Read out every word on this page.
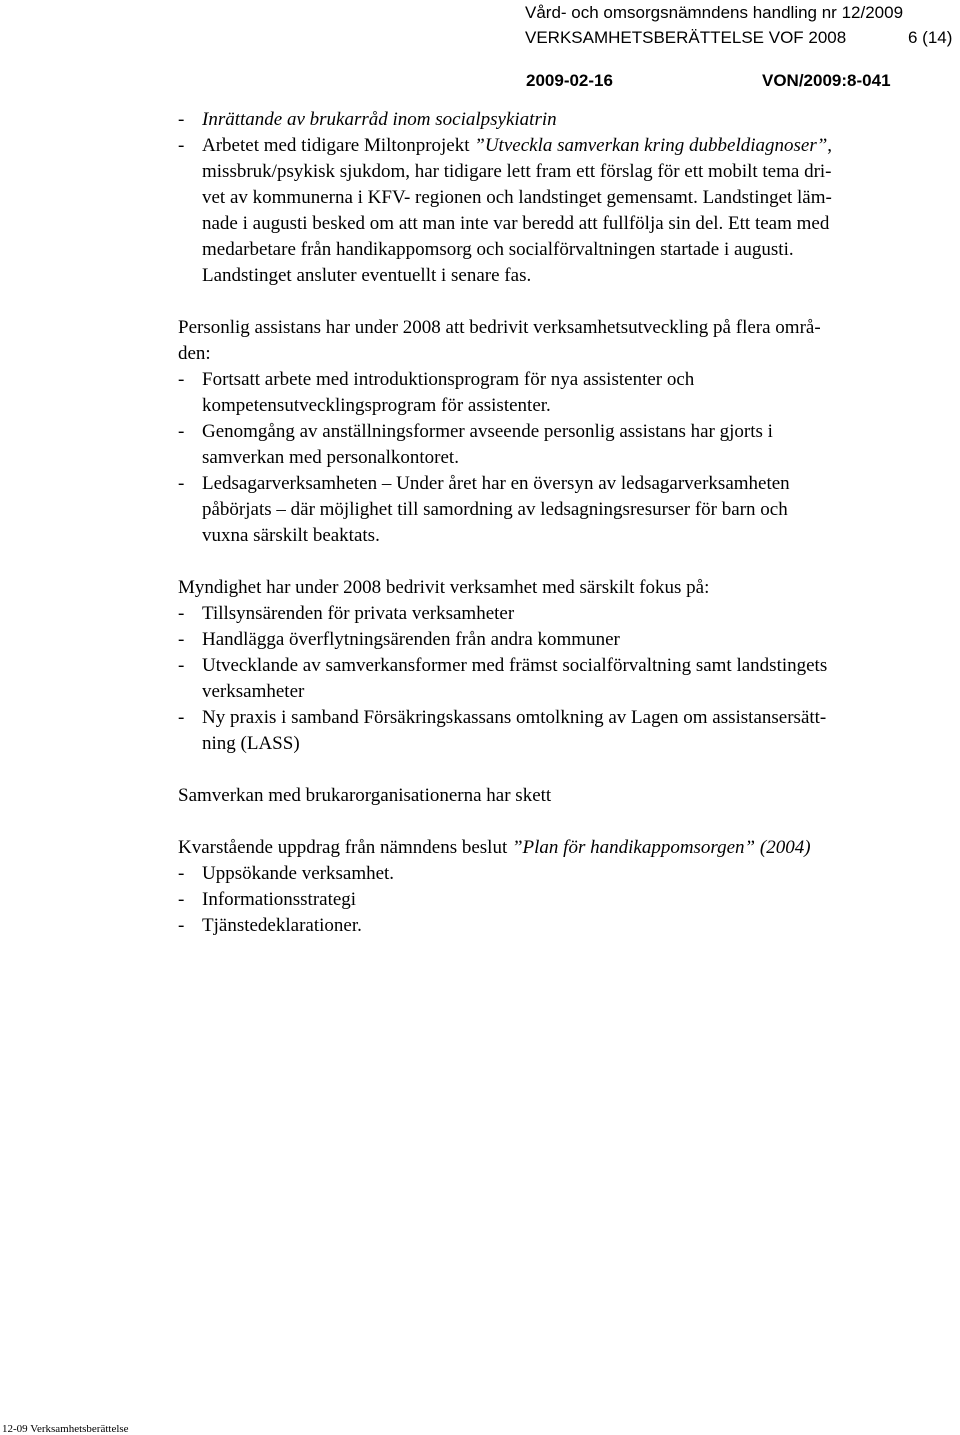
Vård- och omsorgsnämndens handling nr 12/2009
VERKSAMHETSBERÄTTELSE VOF 2008	6 (14)
2009-02-16	VON/2009:8-041
- Inrättande av brukarråd inom socialpsykiatrin
- Arbetet med tidigare Miltonprojekt ”Utveckla samverkan kring dubbeldiagnoser”, missbruk/psykisk sjukdom, har tidigare lett fram ett förslag för ett mobilt tema dri-
vet av kommunerna i KFV- regionen och landstinget gemensamt. Landstinget läm-
nade i augusti besked om att man inte var beredd att fullfölja sin del. Ett team med
medarbetare från handikappomsorg och socialförvaltningen startade i augusti.
Landstinget ansluter eventuellt i senare fas.
Personlig assistans har under 2008 att bedrivit verksamhetsutveckling på flera områ-
den:
- Fortsatt arbete med introduktionsprogram för nya assistenter och
kompetensutvecklingsprogram för assistenter.
- Genomgång av anställningsformer avseende personlig assistans har gjorts i
samverkan med personalkontoret.
- Ledsagarverksamheten – Under året har en översyn av ledsagarverksamheten
påbörjats – där möjlighet till samordning av ledsagningsresurser för barn och
vuxna särskilt beaktats.
Myndighet har under 2008 bedrivit verksamhet med särskilt fokus på:
- Tillsynsärenden för privata verksamheter
- Handlägga överflytningsärenden från andra kommuner
- Utvecklande av samverkansformer med främst socialförvaltning samt landstingets
verksamheter
- Ny praxis i samband Försäkringskassans omtolkning av Lagen om assistansersätt-
ning (LASS)
Samverkan med brukarorganisationerna har skett
Kvarstående uppdrag från nämndens beslut ”Plan för handikappomsorgen” (2004)
- Uppsökande verksamhet.
- Informationsstrategi
- Tjänstedeklarationer.
12-09 Verksamhetsberättelse
